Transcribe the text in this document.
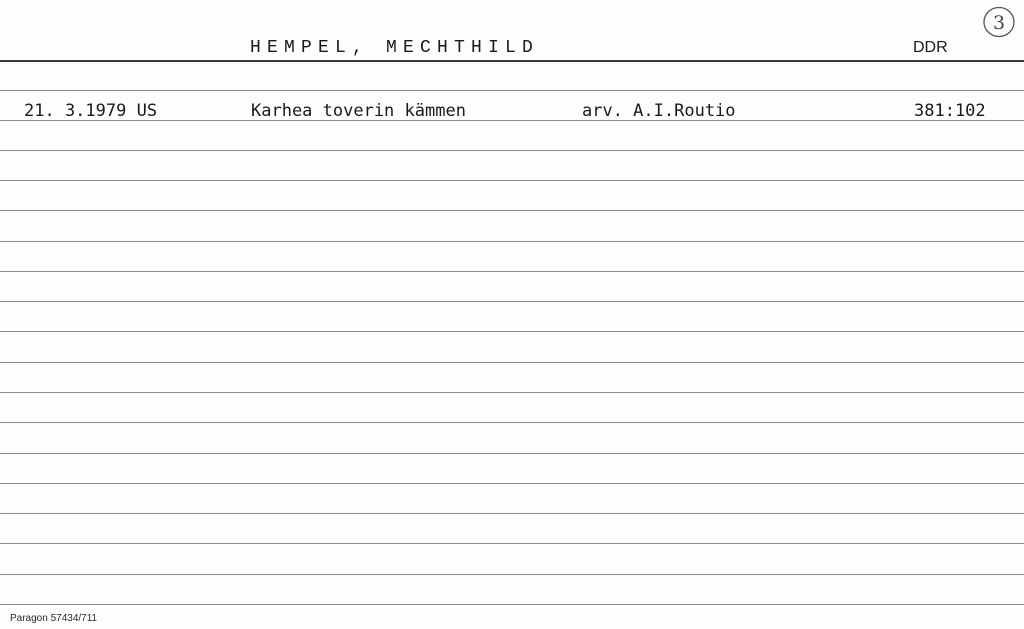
3
HEMPEL, MECHTHILD	DDR
21. 3.1979 US	Karhea toverin kämmen	arv. A.I.Routio	381:102
Paragon 57434/711
